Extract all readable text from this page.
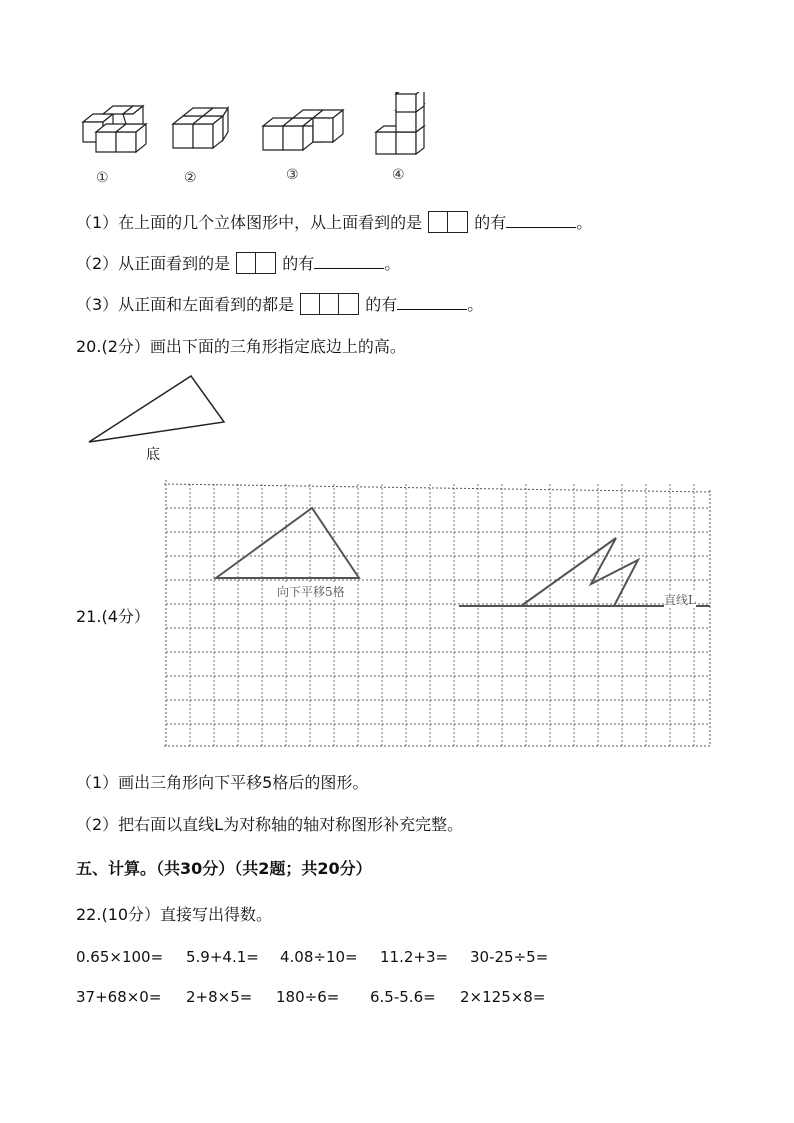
①	②	③	④
（1）在上面的几个立体图形中，从上面看到的是	的有	。
（2）从正面看到的是	的有	。
（3）从正面和左面看到的都是	的有	。
20.(2分）画出下面的三角形指定底边上的高。
底
21.(4分）
向下平移5格
直线L
（1）画出三角形向下平移5格后的图形。
（2）把右面以直线L为对称轴的轴对称图形补充完整。
五、计算。（共30分）（共2题；共20分）
22.(10分）直接写出得数。
0.65×100= 5.9+4.1= 4.08÷10= 11.2+3= 30-25÷5=
37+68×0= 2+8×5= 180÷6= 6.5-5.6= 2×125×8=
